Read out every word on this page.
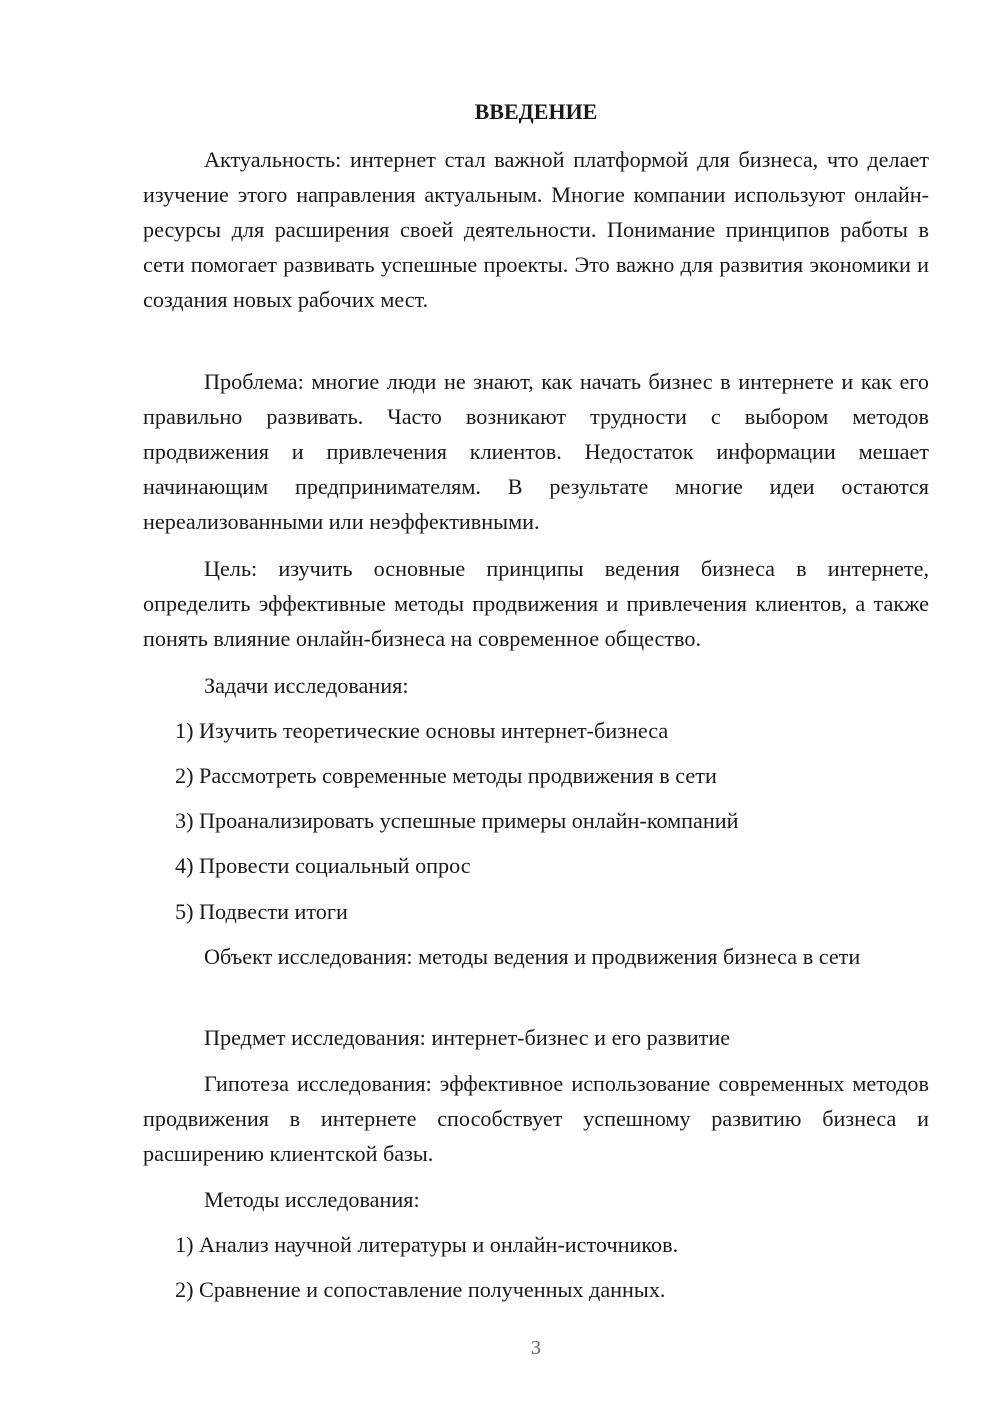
ВВЕДЕНИЕ

Актуальность: интернет стал важной платформой для бизнеса, что делает изучение этого направления актуальным. Многие компании используют онлайн-ресурсы для расширения своей деятельности. Понимание принципов работы в сети помогает развивать успешные проекты. Это важно для развития экономики и создания новых рабочих мест.

Проблема: многие люди не знают, как начать бизнес в интернете и как его правильно развивать. Часто возникают трудности с выбором методов продвижения и привлечения клиентов. Недостаток информации мешает начинающим предпринимателям. В результате многие идеи остаются нереализованными или неэффективными.

Цель: изучить основные принципы ведения бизнеса в интернете, определить эффективные методы продвижения и привлечения клиентов, а также понять влияние онлайн-бизнеса на современное общество.

Задачи исследования:

1) Изучить теоретические основы интернет-бизнеса

2) Рассмотреть современные методы продвижения в сети

3) Проанализировать успешные примеры онлайн-компаний

4) Провести социальный опрос

5) Подвести итоги

Объект исследования: методы ведения и продвижения бизнеса в сети

Предмет исследования: интернет-бизнес и его развитие

Гипотеза исследования: эффективное использование современных методов продвижения в интернете способствует успешному развитию бизнеса и расширению клиентской базы.

Методы исследования:

1) Анализ научной литературы и онлайн-источников.

2) Сравнение и сопоставление полученных данных.

3
